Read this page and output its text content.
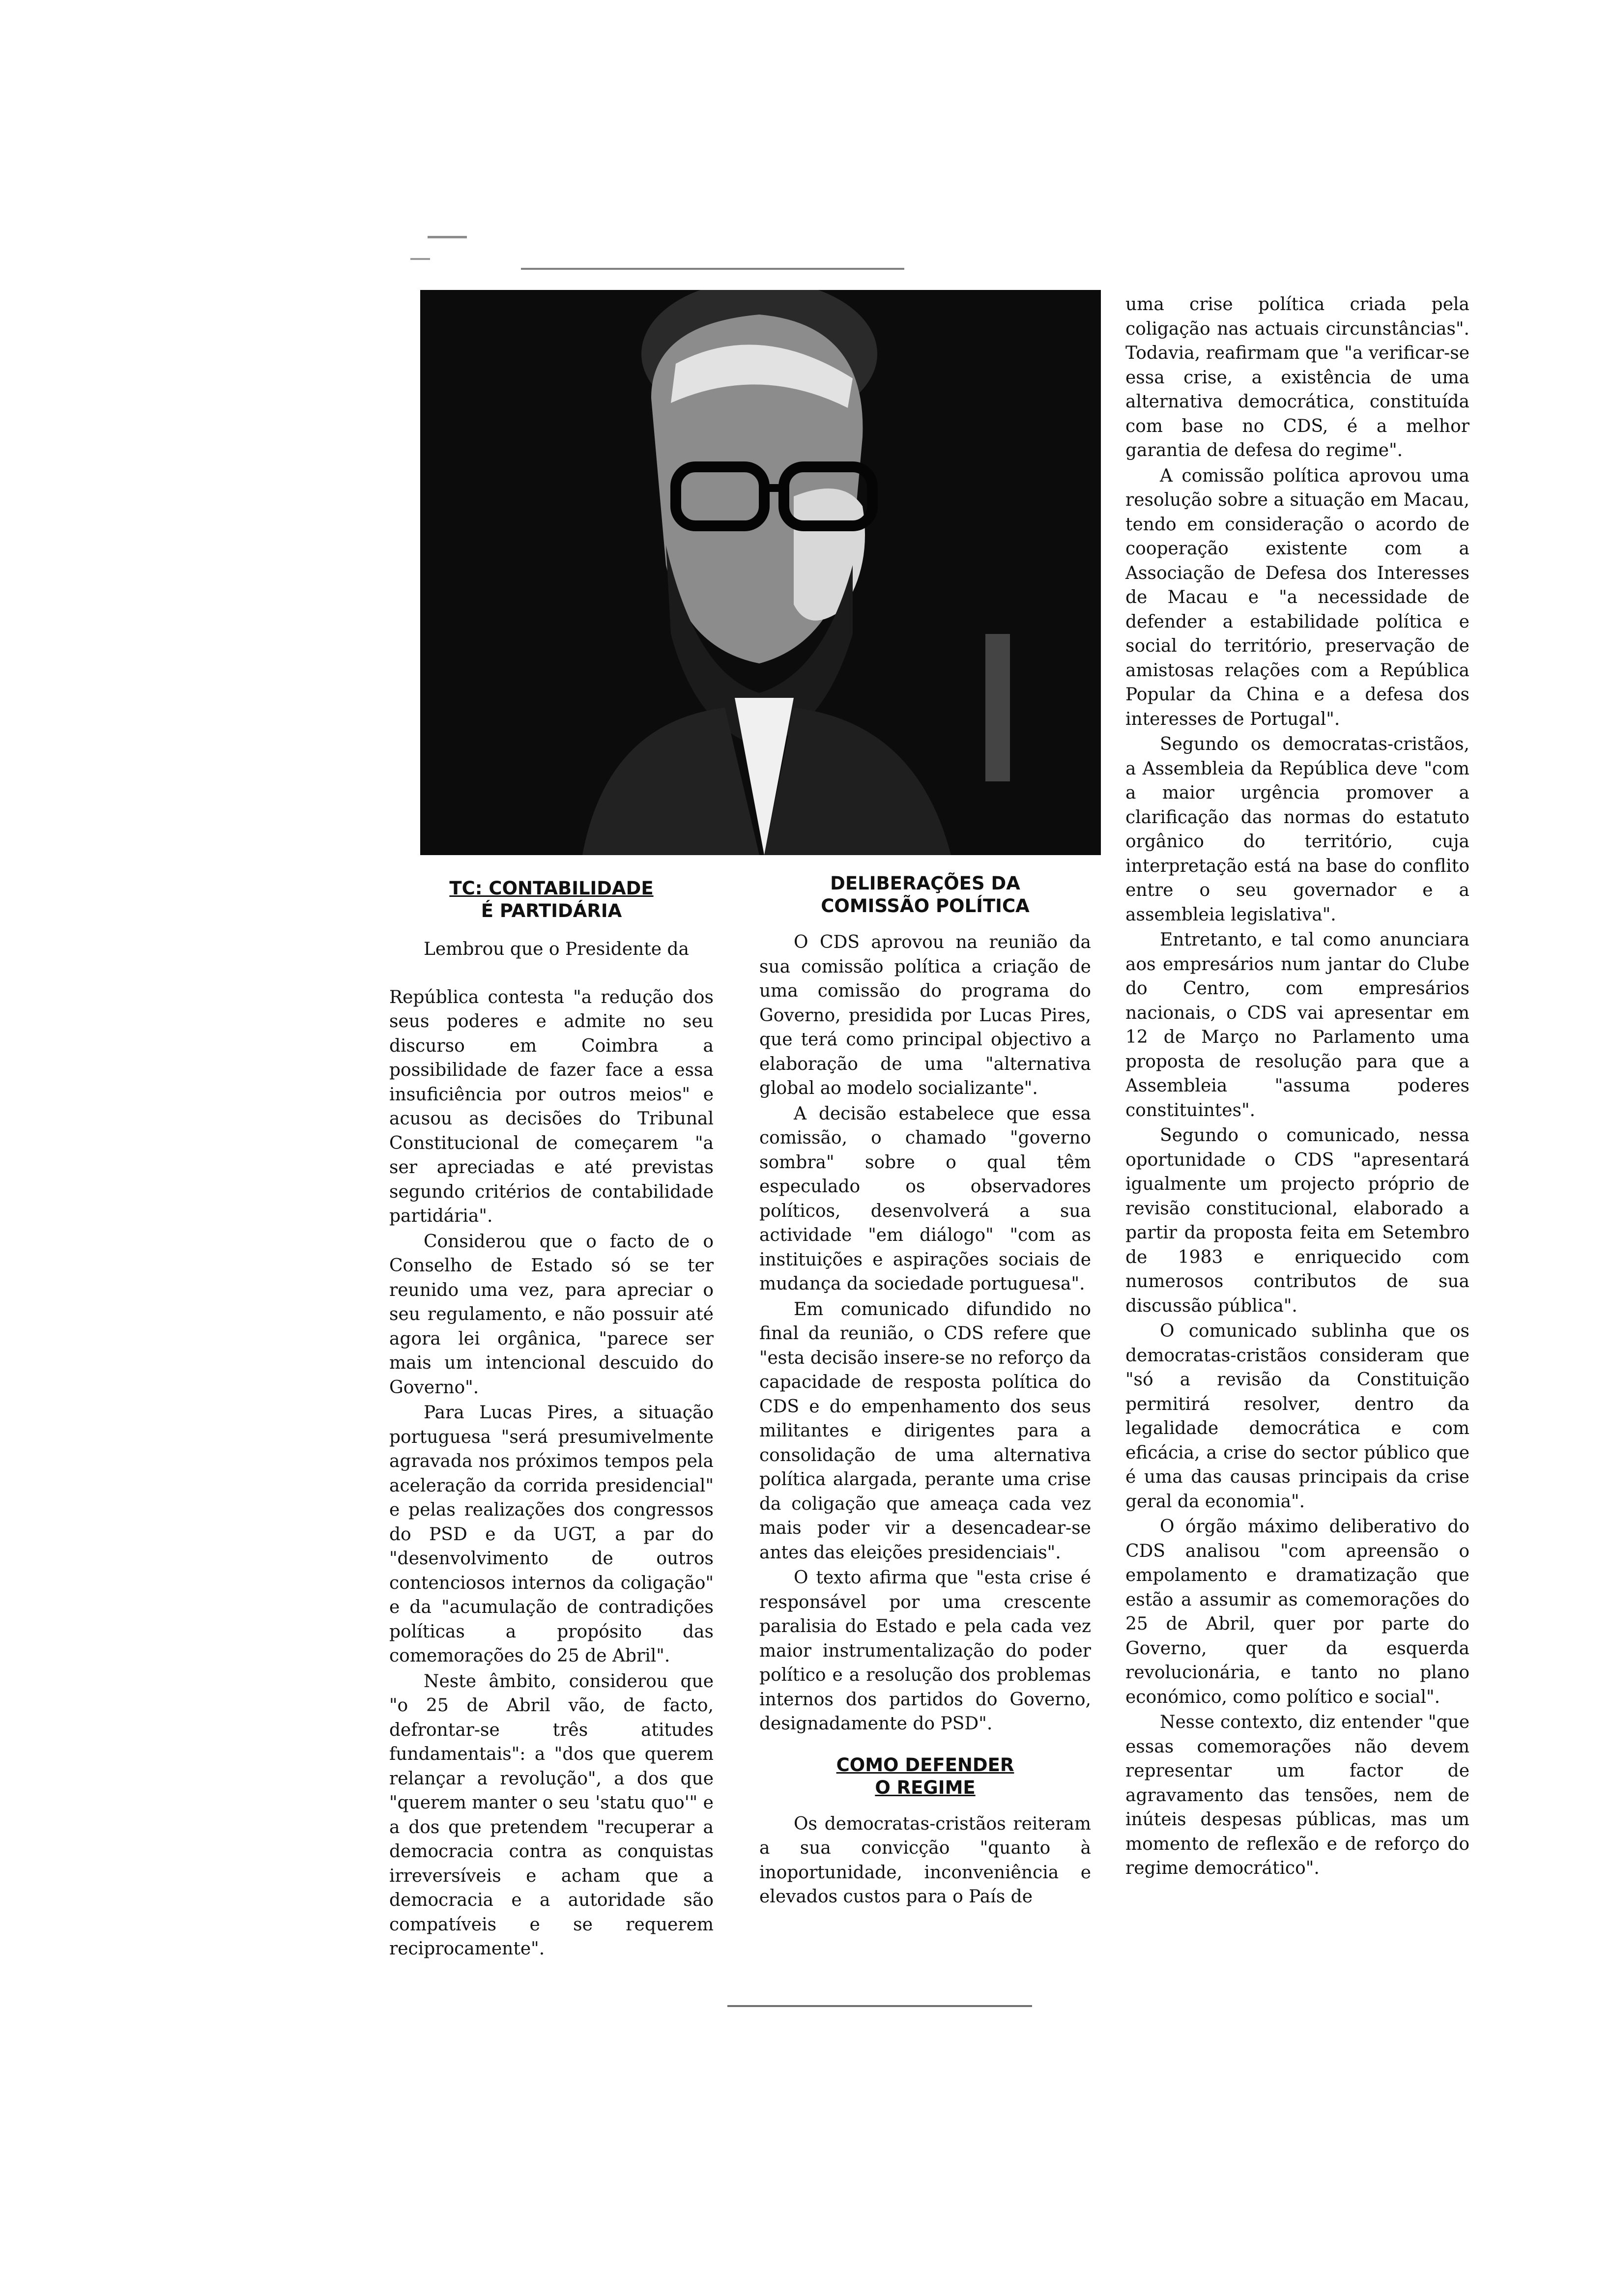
TC: CONTABILIDADE
É PARTIDÁRIA

Lembrou que o Presidente da

República contesta "a redução dos seus poderes e admite no seu discurso em Coimbra a possibilidade de fazer face a essa insuficiência por outros meios" e acusou as decisões do Tribunal Constitucional de começarem "a ser apreciadas e até previstas segundo critérios de contabilidade partidária".

Considerou que o facto de o Conselho de Estado só se ter reunido uma vez, para apreciar o seu regulamento, e não possuir até agora lei orgânica, "parece ser mais um intencional descuido do Governo".

Para Lucas Pires, a situação portuguesa "será presumivelmente agravada nos próximos tempos pela aceleração da corrida presidencial" e pelas realizações dos congressos do PSD e da UGT, a par do "desenvolvimento de outros contenciosos internos da coligação" e da "acumulação de contradições políticas a propósito das comemorações do 25 de Abril".

Neste âmbito, considerou que "o 25 de Abril vão, de facto, defrontar-se três atitudes fundamentais": a "dos que querem relançar a revolução", a dos que "querem manter o seu 'statu quo'" e a dos que pretendem "recuperar a democracia contra as conquistas irreversíveis e acham que a democracia e a autoridade são compatíveis e se requerem reciprocamente".

DELIBERAÇÕES DA
COMISSÃO POLÍTICA

O CDS aprovou na reunião da sua comissão política a criação de uma comissão do programa do Governo, presidida por Lucas Pires, que terá como principal objectivo a elaboração de uma "alternativa global ao modelo socializante".

A decisão estabelece que essa comissão, o chamado "governo sombra" sobre o qual têm especulado os observadores políticos, desenvolverá a sua actividade "em diálogo" "com as instituições e aspirações sociais de mudança da sociedade portuguesa".

Em comunicado difundido no final da reunião, o CDS refere que "esta decisão insere-se no reforço da capacidade de resposta política do CDS e do empenhamento dos seus militantes e dirigentes para a consolidação de uma alternativa política alargada, perante uma crise da coligação que ameaça cada vez mais poder vir a desencadear-se antes das eleições presidenciais".

O texto afirma que "esta crise é responsável por uma crescente paralisia do Estado e pela cada vez maior instrumentalização do poder político e a resolução dos problemas internos dos partidos do Governo, designadamente do PSD".

COMO DEFENDER
O REGIME

Os democratas-cristãos reiteram a sua convicção "quanto à inoportunidade, inconveniência e elevados custos para o País de

uma crise política criada pela coligação nas actuais circunstâncias". Todavia, reafirmam que "a verificar-se essa crise, a existência de uma alternativa democrática, constituída com base no CDS, é a melhor garantia de defesa do regime".

A comissão política aprovou uma resolução sobre a situação em Macau, tendo em consideração o acordo de cooperação existente com a Associação de Defesa dos Interesses de Macau e "a necessidade de defender a estabilidade política e social do território, preservação de amistosas relações com a República Popular da China e a defesa dos interesses de Portugal".

Segundo os democratas-cristãos, a Assembleia da República deve "com a maior urgência promover a clarificação das normas do estatuto orgânico do território, cuja interpretação está na base do conflito entre o seu governador e a assembleia legislativa".

Entretanto, e tal como anunciara aos empresários num jantar do Clube do Centro, com empresários nacionais, o CDS vai apresentar em 12 de Março no Parlamento uma proposta de resolução para que a Assembleia "assuma poderes constituintes".

Segundo o comunicado, nessa oportunidade o CDS "apresentará igualmente um projecto próprio de revisão constitucional, elaborado a partir da proposta feita em Setembro de 1983 e enriquecido com numerosos contributos de sua discussão pública".

O comunicado sublinha que os democratas-cristãos consideram que "só a revisão da Constituição permitirá resolver, dentro da legalidade democrática e com eficácia, a crise do sector público que é uma das causas principais da crise geral da economia".

O órgão máximo deliberativo do CDS analisou "com apreensão o empolamento e dramatização que estão a assumir as comemorações do 25 de Abril, quer por parte do Governo, quer da esquerda revolucionária, e tanto no plano económico, como político e social".

Nesse contexto, diz entender "que essas comemorações não devem representar um factor de agravamento das tensões, nem de inúteis despesas públicas, mas um momento de reflexão e de reforço do regime democrático".
